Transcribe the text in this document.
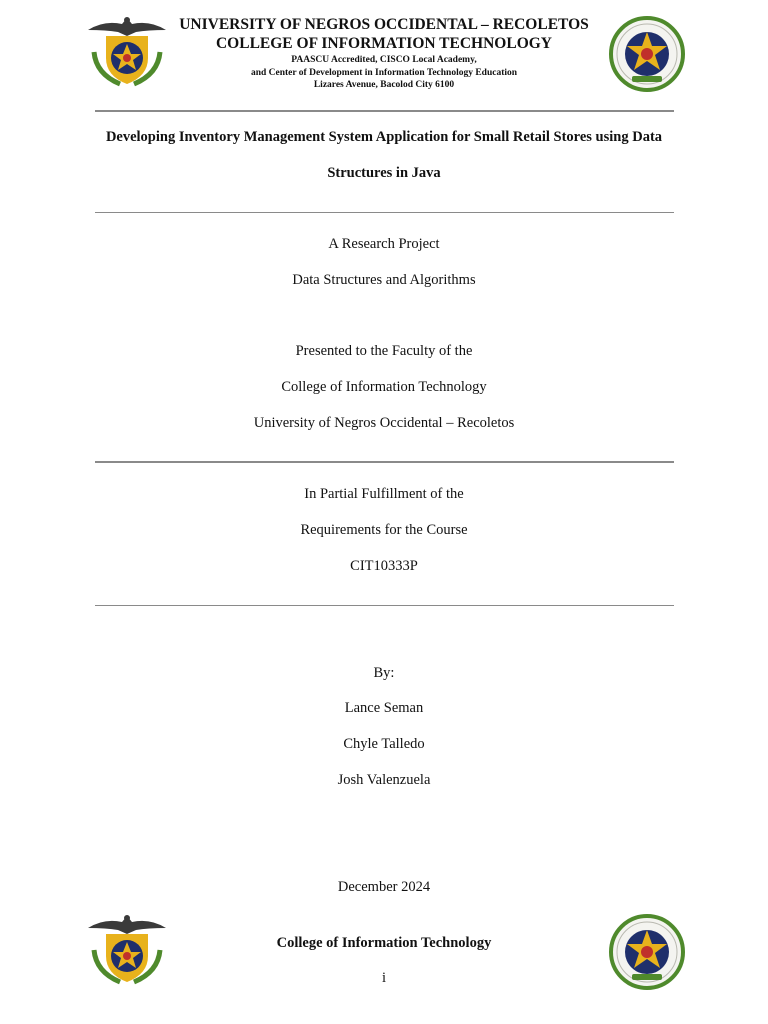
UNIVERSITY OF NEGROS OCCIDENTAL – RECOLETOS
COLLEGE OF INFORMATION TECHNOLOGY
PAASCU Accredited, CISCO Local Academy,
and Center of Development in Information Technology Education
Lizares Avenue, Bacolod City 6100
Developing Inventory Management System Application for Small Retail Stores using Data
Structures in Java
A Research Project
Data Structures and Algorithms
Presented to the Faculty of the
College of Information Technology
University of Negros Occidental – Recoletos
In Partial Fulfillment of the
Requirements for the Course
CIT10333P
By:
Lance Seman
Chyle Talledo
Josh Valenzuela
December 2024
College of Information Technology
i
